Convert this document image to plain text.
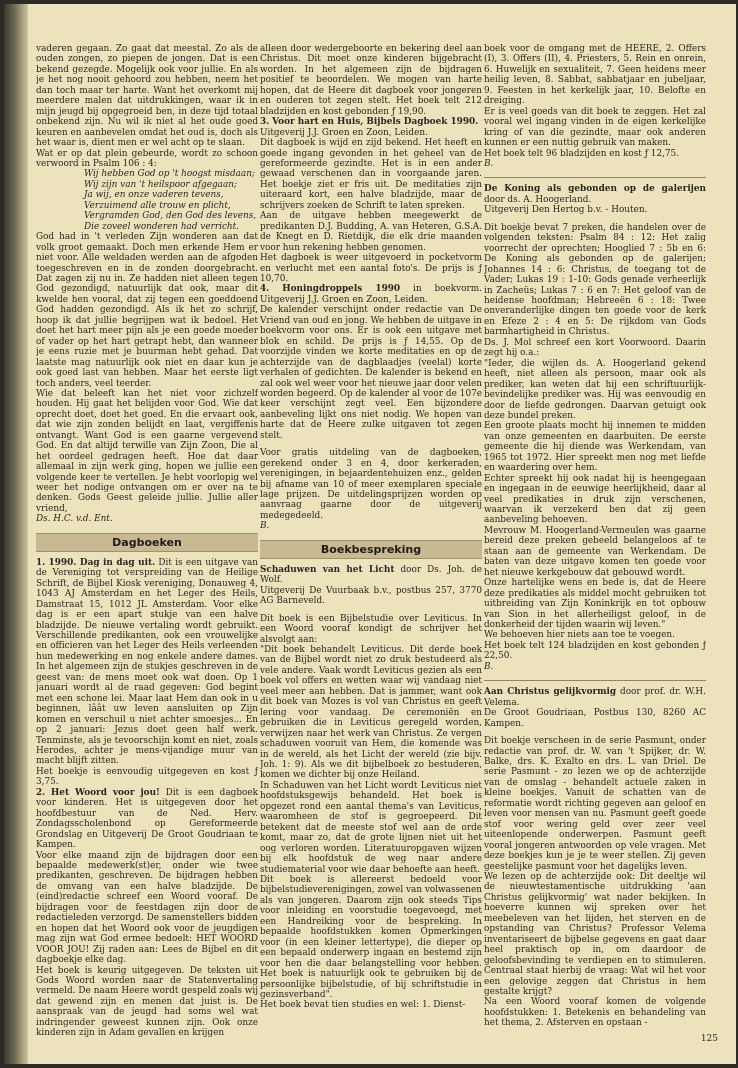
vaderen gegaan. Zo gaat dat meestal. Zo als de ouden zongen, zo piepen de jongen. Dat is een bekend gezegde. Mogelijk ook voor jullie. En als je het nog nooit gehoord zou hebben, neem het dan toch maar ter harte. Want het overkomt mij meerdere malen dat uitdrukkingen, waar ik in mijn jeugd bij opgegroeid ben, in deze tijd totaal onbekend zijn. Nu wil ik niet al het oude goed keuren en aanbevelen omdat het oud is, doch als het waar is, dient men er wel acht op te slaan.

Wat er op dat plein gebeurde, wordt zo schoon verwoord in Psalm 106 : 4:

Wij hebben God op 't hoogst misdaan;

Wij zijn van 't heilspoor afgegaan;

Ja wij, en onze vaderen tevens,

Verzuimend alle trouw en plicht,

Vergramden God, den God des levens,

Die zoveel wonderen had verricht.

God had in 't verleden Zijn wonderen aan dat volk groot gemaakt. Doch men erkende Hem er niet voor. Alle weldaden werden aan de afgoden toegeschreven en in de zonden doorgebracht. Dat zagen zij nu in. Ze hadden niet alleen tegen God gezondigd, natuurlijk dat ook, maar dit kwelde hen vooral, dat zij tegen een goeddoend God hadden gezondigd. Als ik het zo schrijf, hoop ik dat jullie begrijpen wat ik bedoel. Het doet het hart meer pijn als je een goede moeder of vader op het hart getrapt hebt, dan wanneer je eens ruzie met je buurman hebt gehad. Dat laatste mag natuurlijk ook niet en daar kun je ook goed last van hebben. Maar het eerste ligt toch anders, veel teerder.

Wie dat beleeft kan het niet voor zichzelf houden. Hij gaat het belijden voor God. Wie dat oprecht doet, doet het goed. En die ervaart ook, dat wie zijn zonden belijdt en laat, vergiffenis ontvangt. Want God is een gaarne vergevend God. En dat altijd terwille van Zijn Zoon, Die al het oordeel gedragen heeft. Hoe dat daar allemaal in zijn werk ging, hopen we jullie een volgende keer te vertellen. Je hebt voorlopig wel weer het nodige ontvangen om er over na te denken. Gods Geest geleide jullie. Jullie aller vriend,

Ds. H.C. v.d. Ent.

Dagboeken

1. 1990. Dag in dag uit. Dit is een uitgave van de Vereniging tot verspreiding van de Heilige Schrift, de Bijbel Kiosk vereniging, Donauweg 4, 1043 AJ Amsterdam en het Leger des Heils, Damstraat 15, 1012 JL Amsterdam. Voor elke dag is er een apart stukje van een halve bladzijde. De nieuwe vertaling wordt gebruikt. Verschillende predikanten, ook een vrouwelijke en officieren van het Leger des Heils verleenden hun medewerking en nog enkele andere dames. In het algemeen zijn de stukjes geschreven in de geest van: de mens moet ook wat doen. Op 1 januari wordt al de raad gegeven: God begint met een schone lei. Maar laat Hem dan ook in u beginnen, lâât uw leven aansluiten op Zijn komen en verschuil u niet achter smoesjes... En op 2 januari: Jezus doet geen half werk. Tenminste, als je tevoorschijn komt en niet, zoals Herodes, achter je mens-vijandige muur van macht blijft zitten.

Het boekje is eenvoudig uitgegeven en kost ƒ 3,75.

2. Het Woord voor jou! Dit is een dagboek voor kinderen. Het is uitgegeven door het hoofdbestuur van de Ned. Herv. Zondagsscholenbond op Gereformeerde Grondslag en Uitgeverij De Groot Goudriaan te Kampen.

Voor elke maand zijn de bijdragen door een bepaalde medewerk(st)er, onder wie twee predikanten, geschreven. De bijdragen hebben de omvang van een halve bladzijde. De (eind)redactie schreef een Woord vooraf. De bijdragen voor de feestdagen zijn door de redactieleden verzorgd. De samenstellers bidden en hopen dat het Woord ook voor de jeugdigen mag zijn wat God ermee bedoelt: HET WOORD VOOR JOU! Zij raden aan: Lees de Bijbel en dit dagboekje elke dag.

Het boek is keurig uitgegeven. De teksten uit Gods Woord worden naar de Statenvertaling vermeld. De naam Heere wordt gespeld zoals wij dat gewend zijn en menen dat juist is. De aanspraak van de jeugd had soms wel wat indringender geweest kunnen zijn. Ook onze kinderen zijn in Adam gevallen en krijgen

alleen door wedergeboorte en bekering deel aan Christus. Dit moet onze kinderen bijgebracht worden. In het algemeen zijn de bijdragen positief te beoordelen. We mogen van harte hopen, dat de Heere dit dagboek voor jongeren en ouderen tot zegen stelt. Het boek telt 212 bladzijden en kost gebonden ƒ 19,90.

3. Voor hart en Huis, Bijbels Dagboek 1990.

Uitgeverij J.J. Groen en Zoon, Leiden.

Dit dagboek is wijd en zijd bekend. Het heeft en goede ingang gevonden in het geheel van de gereformeerde gezindte. Het is in een ander gewaad verschenen dan in voorgaande jaren. Het boekje ziet er fris uit. De meditaties zijn uiteraard kort, een halve bladzijde, maar de schrijvers zoeken de Schrift te laten spreken.

Aan de uitgave hebben meegewerkt de predikanten D.J. Budding, A. van Heteren, G.S.A. de Knegt en D. Rietdijk, die elk drie maanden voor hun rekening hebben genomen.

Het dagboek is weer uitgevoerd in pocketvorm en verlucht met een aantal foto's. De prijs is ƒ 10,70.

4. Honingdroppels 1990 in boekvorm. Uitgeverij J.J. Groen en Zoon, Leiden.

De kalender verschijnt onder redactie van De Vriend van oud en jong. We hebben de uitgave in boekvorm voor ons. Er is ook een uitgave met blok en schild. De prijs is ƒ 14,55. Op de voorzijde vinden we korte meditaties en op de achterzijde van de dagblaadjes (veelal) korte verhalen of gedichten. De kalender is bekend en zal ook wel weer voor het nieuwe jaar door velen worden begeerd. Op de kalender al voor de 107e keer verschijnt zegt veel. Een bijzondere aanbeveling lijkt ons niet nodig. We hopen van harte dat de Heere zulke uitgaven tot zegen stelt.

Voor gratis uitdeling van de dagboeken, gerekend onder 3 en 4, door kerkeraden, verenigingen, in bejaardentehuizen enz., gelden bij afname van 10 of meer exemplaren speciale lage prijzen. De uitdelingsprijzen worden op aanvraag gaarne door de uitgeverij medegedeeld.

B.

Boekbespreking

Schaduwen van het Licht door Ds. Joh. de Wolf.

Uitgeverij De Vuurbaak b.v., postbus 257, 3770 AG Barneveld.

Dit boek is een Bijbelstudie over Leviticus. In een Woord vooraf kondigt de schrijver het alsvolgt aan:

"Dit boek behandelt Leviticus. Dit derde boek van de Bijbel wordt niet zo druk bestudeerd als vele andere. Vaak wordt Leviticus gezien als een boek vol offers en wetten waar wij vandaag niet veel meer aan hebben. Dat is jammer, want ook dit boek van Mozes is vol van Christus en geeft lering voor vandaag. De ceremoniën en gebruiken die in Leviticus geregeld worden, verwijzen naar het werk van Christus. Ze vergen schaduwen vooruit van Hem, die komende was in de wereld, als het Licht der wereld (zie bijv. Joh. 1: 9). Als we dit bijbelboek zo bestuderen, komen we dichter bij onze Heiland.

In Schaduwen van het Licht wordt Leviticus niet hoofdstuksgewijs behandeld. Het boek is opgezet rond een aantal thema's van Leviticus, waaromheen de stof is gegroepeerd. Dit betekent dat de meeste stof wel aan de orde komt, maar zo, dat de grote lijnen niet uit het oog verloren worden. Literatuuropgaven wijzen bij elk hoofdstuk de weg naar andere studiematerial voor wie daar behoefte aan heeft.

Dit boek is allereerst bedoeld voor bijbelstudieverenigingen, zowel van volwassenen als van jongeren. Daarom zijn ook steeds Tips voor inleiding en voorstudie toegevoegd, met een Handreiking voor de bespreking. In bepaalde hoofdstukken komen Opmerkingen voor (in een kleiner lettertype), die dieper op een bepaald onderwerp ingaan en bestemd zijn voor hen die daar belangstelling voor hebben. Het boek is natuurlijk ook te gebruiken bij de persoonlijke bijbelstudie, of bij schriftstudie in gezinsverband".

Het boek bevat tien studies en wel: 1. Dienst-

boek voor de omgang met de HEERE, 2. Offers (I), 3. Offers (II), 4. Priesters, 5. Rein en onrein, 6. Huwelijk en sexualiteit, 7. Geen heidens meer heilig leven, 8. Sabbat, sabbatjaar en jubeljaar, 9. Feesten in het kerkelijk jaar, 10. Belofte en dreiging.

Er is veel goeds van dit boek te zeggen. Het zal vooral wel ingang vinden in de eigen kerkelijke kring of van die gezindte, maar ook anderen kunnen er een nuttig gebruik van maken.

Het boek telt 96 bladzijden en kost ƒ 12,75.

B.

De Koning als gebonden op de galerijen door ds. A. Hoogerland.

Uitgeverij Den Hertog b.v. - Houten.

Dit boekje bevat 7 preken, die handelen over de volgenden teksten: Psalm 84 : 12: Het zalig voorrecht der oprechten; Hooglied 7 : 5b en 6: De Koning als gebonden op de galerijen; Johannes 14 : 6: Christus, de toegang tot de Vader; Lukas 19 : 1-10: Gods genade verheerlijk in Zacheüs; Lukas 7 : 6 en 7: Het geloof van de heidense hoofdman; Hebreeën 6 : 18: Twee onveranderlijke dingen ten goede voor de kerk en Efeze 2 : 4 en 5: De rijkdom van Gods barmhartigheid in Christus.

Ds. J. Mol schreef een kort Voorwoord. Daarin zegt hij o.a.:

"Ieder, die wijlen ds. A. Hoogerland gekend heeft, niet alleen als persoon, maar ook als prediker, kan weten dat hij een schriftuurlijk-bevindelijke prediker was. Hij was eenvoudig en door de liefde gedrongen. Daarvan getuigt ook deze bundel preken.

Een groote plaats mocht hij innemen te midden van onze gemeenten en daarbuiten. De eerste gemeente die hij diende was Werkendam, van 1965 tot 1972. Hier spreekt men nog met liefde en waardering over hem.

Echter spreekt hij ook nadat hij is heengegaan en ingegaan in de eeuwige heerlijkheid, daar al veel predikaties in druk zijn verschenen, waarvan ik verzekerd ben dat zij geen aanbeveling behoeven.

Mevrouw M. Hoogerland-Vermeulen was gaarne bereid deze preken gebeeld belangeloos af te staan aan de gemeente van Werkendam. De baten van deze uitgave komen ten goede voor het nieuwe kerkgebouw dat gebouwd wordt.

Onze hartelijke wens en bede is, dat de Heere deze predikaties als middel mocht gebruiken tot uitbreiding van Zijn Koninkrijk en tot opbouw van Sion in het allerheiligst geloof, in de donkerheid der tijden waarin wij leven."

We behoeven hier niets aan toe te voegen.

Het boek telt 124 bladzijden en kost gebonden ƒ 22,50.

B.

Aan Christus gelijkvormig door prof. dr. W.H. Velema.

De Groot Goudriaan, Postbus 130, 8260 AC Kampen.

Dit boekje verscheen in de serie Pasmunt, onder redactie van prof. dr. W. van 't Spijker, dr. W. Balke, drs. K. Exalto en drs. L. van Driel. De serie Pasmunt - zo lezen we op de achterzijde van de omslag - behandelt actuele zaken in kleine boekjes. Vanuit de schatten van de reformatie wordt richting gegeven aan geloof en leven voor mensen van nu. Pasmunt geeft goede stof voor wering geld over zeer veel uiteenlopende onderwerpen. Pasmunt geeft vooral jongeren antwoorden op vele vragen. Met deze boekjes kun je je te weer stellen. Zij geven geestelijke pasmunt voor het dagelijks leven.

We lezen op de achterzijde ook: Dit deeltje wil de nieuwtestamentische uitdrukking 'aan Christus gelijkvormig' wat nader bekijken. In hoeverre kunnen wij spreken over het meebeleven van het lijden, het sterven en de opstanding van Christus? Professor Velema inventariseert de bijbelse gegevens en gaat daar heel praktisch op in, om daardoor de geloofsbevinding te verdiepen en to stimuleren. Centraal staat hierbij de vraag: Wat wil het voor een gelovige zeggen dat Christus in hem gestalte krijgt?

Na een Woord vooraf komen de volgende hoofdstukken: 1. Betekenis en behandeling van het thema, 2. Afsterven en opstaan -

125
